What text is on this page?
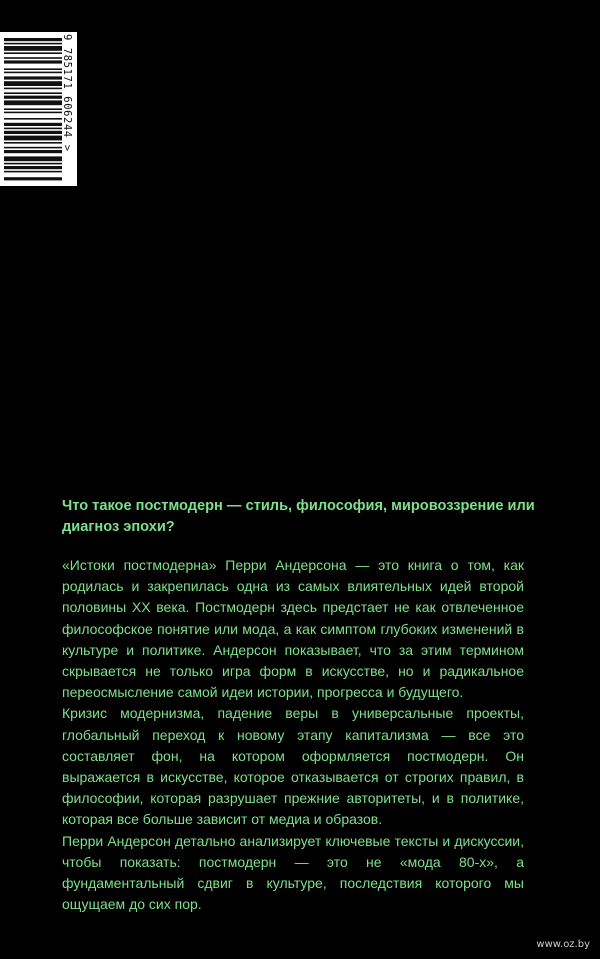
9 785171 606244 >

Что такое постмодерн — стиль, философия, мировоззрение или диагноз эпохи?

«Истоки постмодерна» Перри Андерсона — это книга о том, как родилась и закрепилась одна из самых влиятельных идей второй половины XX века. Постмодерн здесь предстает не как отвлеченное философское понятие или мода, а как симптом глубоких изменений в культуре и политике. Андерсон показывает, что за этим термином скрывается не только игра форм в искусстве, но и радикальное переосмысление самой идеи истории, прогресса и будущего.

Кризис модернизма, падение веры в универсальные проекты, глобальный переход к новому этапу капитализма — все это составляет фон, на котором оформляется постмодерн. Он выражается в искусстве, которое отказывается от строгих правил, в философии, которая разрушает прежние авторитеты, и в политике, которая все больше зависит от медиа и образов.

Перри Андерсон детально анализирует ключевые тексты и дискуссии, чтобы показать: постмодерн — это не «мода 80-х», а фундаментальный сдвиг в культуре, последствия которого мы ощущаем до сих пор.

www.oz.by
